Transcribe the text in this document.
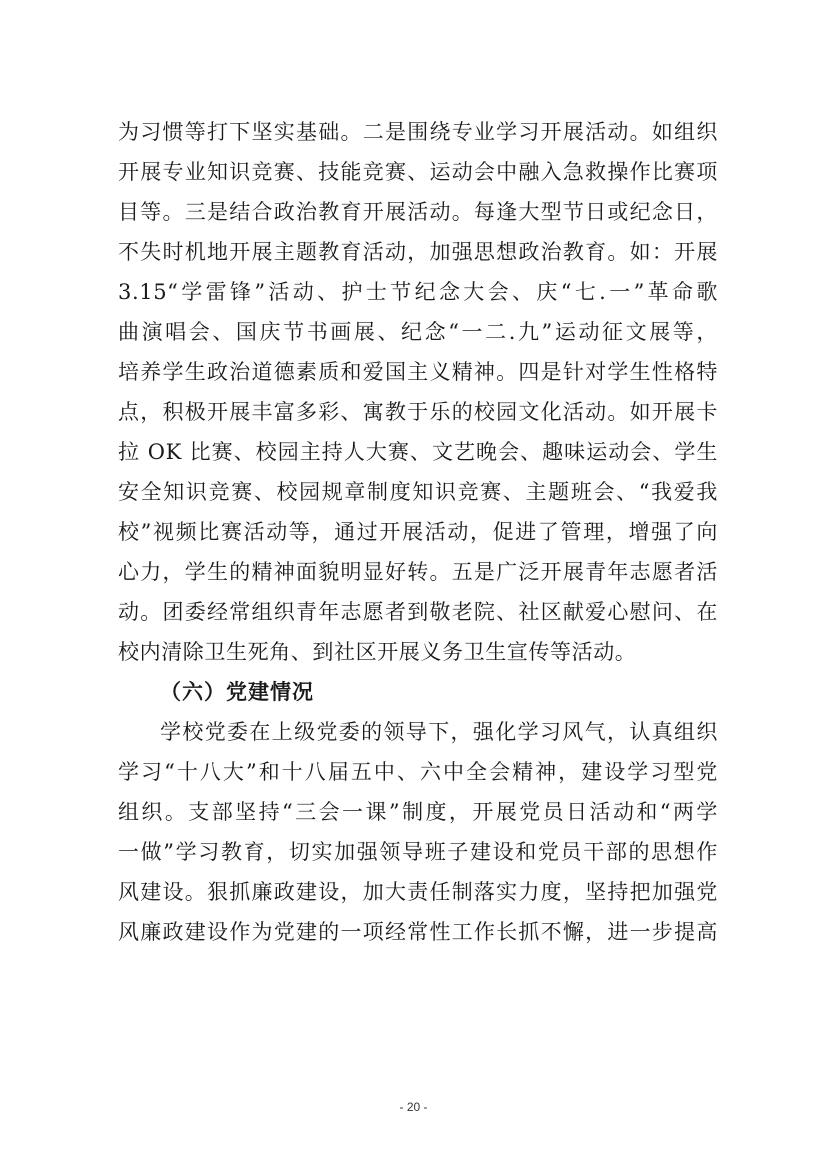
为习惯等打下坚实基础。二是围绕专业学习开展活动。如组织
开展专业知识竞赛、技能竞赛、运动会中融入急救操作比赛项
目等。三是结合政治教育开展活动。每逢大型节日或纪念日，
不失时机地开展主题教育活动，加强思想政治教育。如：开展
3.15“学雷锋”活动、护士节纪念大会、庆“七.一”革命歌
曲演唱会、国庆节书画展、纪念“一二.九”运动征文展等，
培养学生政治道德素质和爱国主义精神。四是针对学生性格特
点，积极开展丰富多彩、寓教于乐的校园文化活动。如开展卡
拉 OK 比赛、校园主持人大赛、文艺晚会、趣味运动会、学生
安全知识竞赛、校园规章制度知识竞赛、主题班会、“我爱我
校”视频比赛活动等，通过开展活动，促进了管理，增强了向
心力，学生的精神面貌明显好转。五是广泛开展青年志愿者活
动。团委经常组织青年志愿者到敬老院、社区献爱心慰问、在
校内清除卫生死角、到社区开展义务卫生宣传等活动。
（六）党建情况
学校党委在上级党委的领导下，强化学习风气，认真组织
学习“十八大”和十八届五中、六中全会精神，建设学习型党
组织。支部坚持“三会一课”制度，开展党员日活动和“两学
一做”学习教育，切实加强领导班子建设和党员干部的思想作
风建设。狠抓廉政建设，加大责任制落实力度，坚持把加强党
风廉政建设作为党建的一项经常性工作长抓不懈，进一步提高
- 20 -
